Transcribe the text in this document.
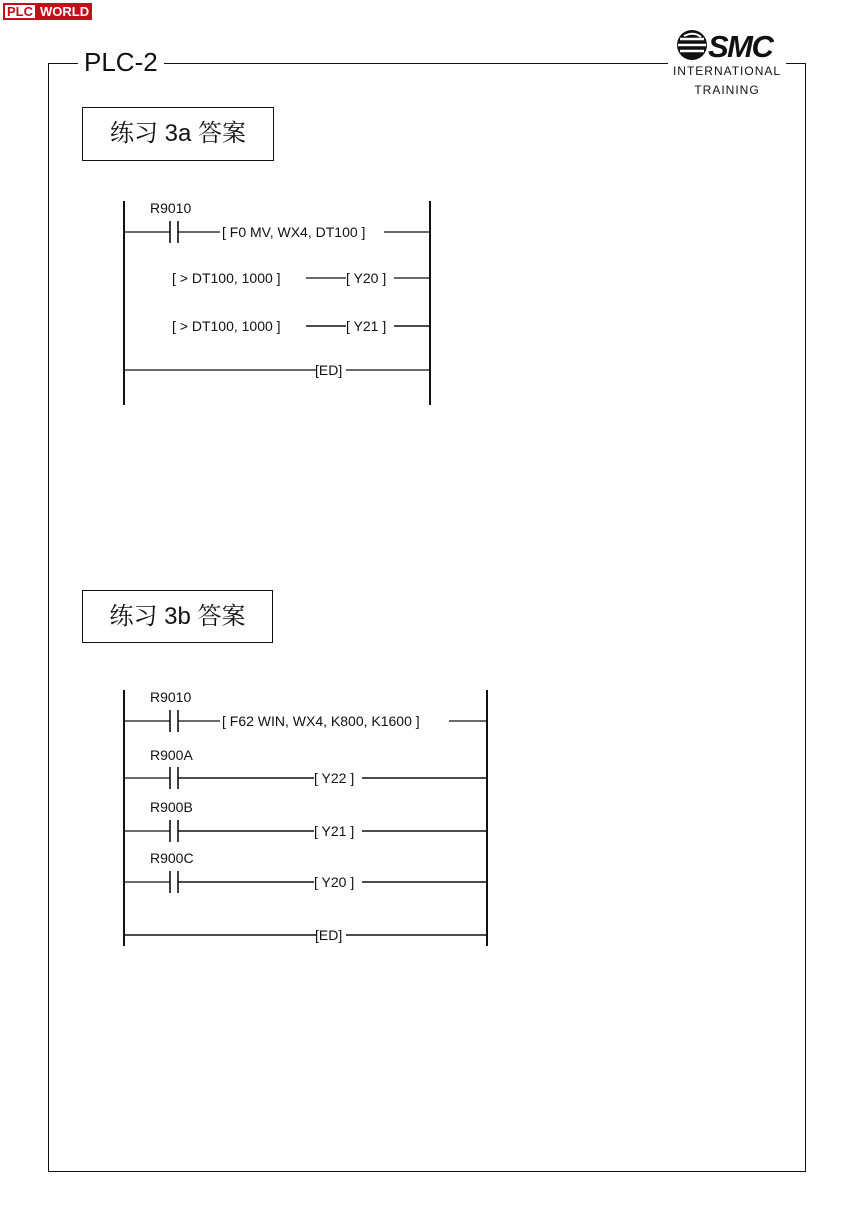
PLC WORLD
PLC-2	SMC
INTERNATIONAL
TRAINING
练习 3a 答案
练习 3b 答案
R9010
[ F0 MV, WX4, DT100 ]
[ > DT100, 1000 ]	[ Y20 ]
[ > DT100, 1000 ]	[ Y21 ]
[ED]
R9010
[ F62 WIN, WX4, K800, K1600 ]
R900A
[ Y22 ]
R900B
[ Y21 ]
R900C
[ Y20 ]
[ED]
